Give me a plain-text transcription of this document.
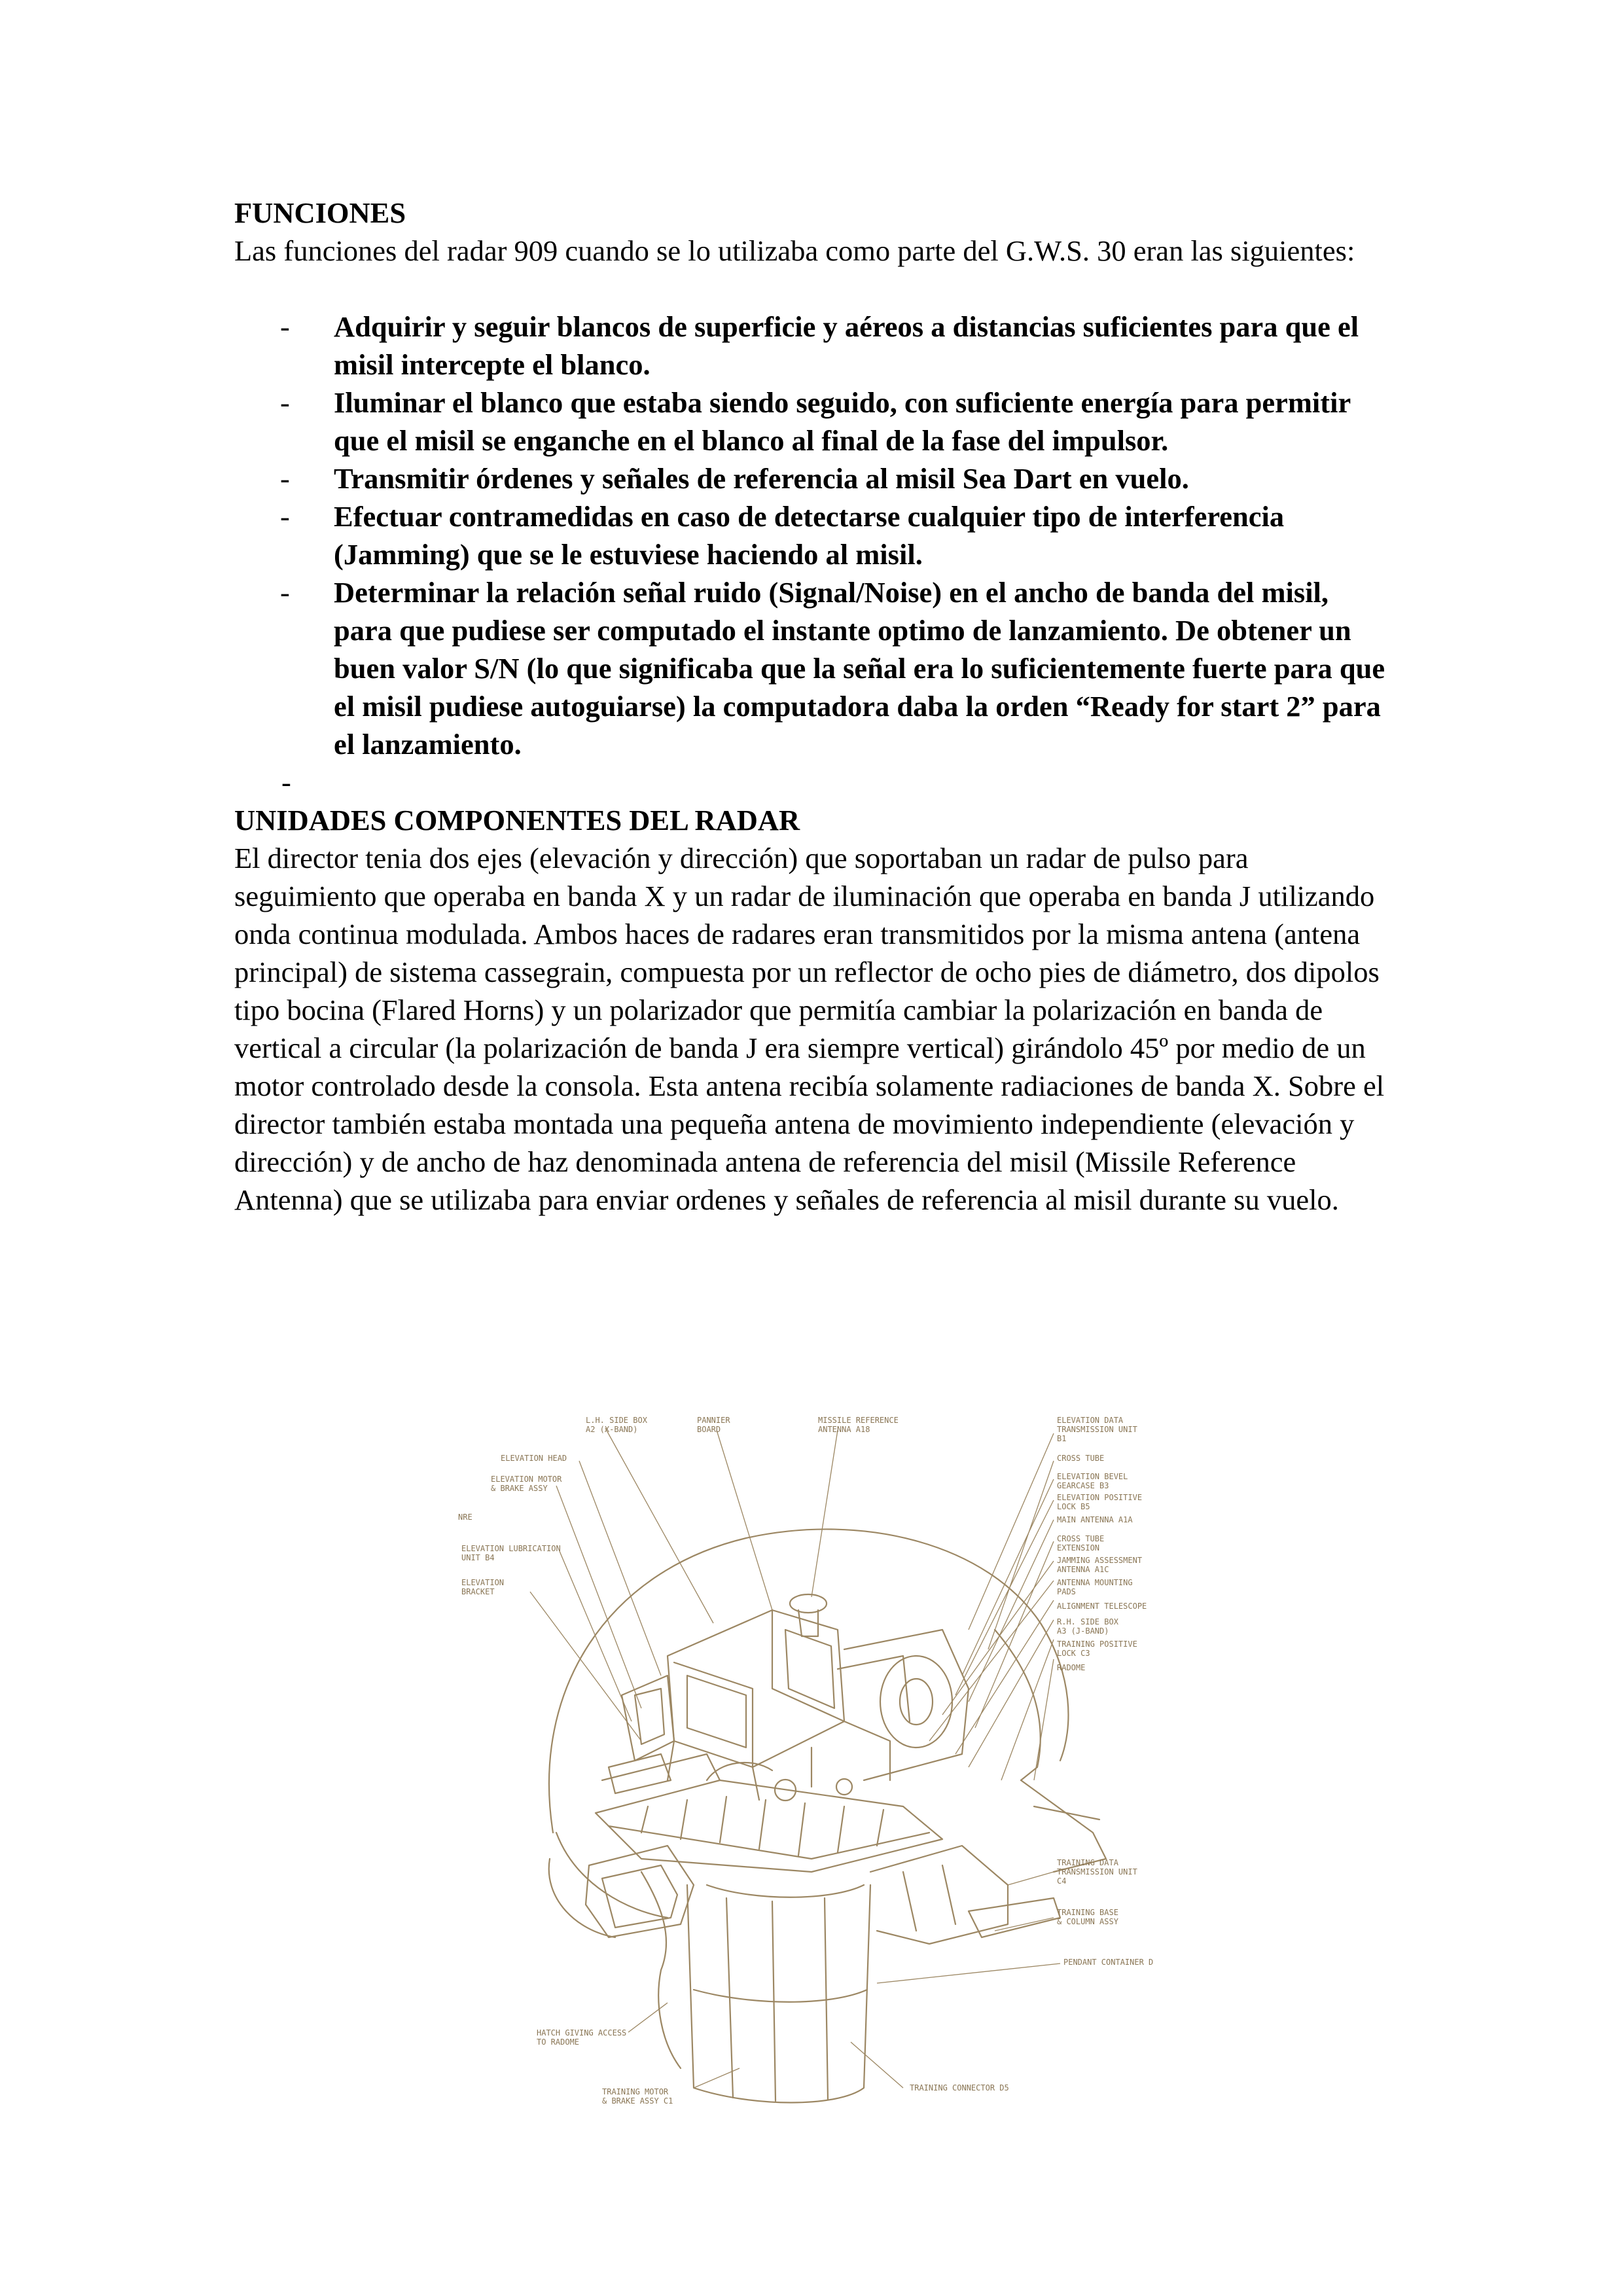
FUNCIONES

Las funciones del radar 909 cuando se lo utilizaba como parte del G.W.S. 30 eran las siguientes:

- Adquirir y seguir blancos de superficie y aéreos a distancias suficientes para que el misil intercepte el blanco.
- Iluminar el blanco que estaba siendo seguido, con suficiente energía para permitir que el misil se enganche en el blanco al final de la fase del impulsor.
- Transmitir órdenes y señales de referencia al misil Sea Dart en vuelo.
- Efectuar contramedidas en caso de detectarse cualquier tipo de interferencia (Jamming) que se le estuviese haciendo al misil.
- Determinar la relación señal ruido (Signal/Noise) en el ancho de banda del misil, para que pudiese ser computado el instante optimo de lanzamiento. De obtener un buen valor S/N (lo que significaba que la señal era lo suficientemente fuerte para que el misil pudiese autoguiarse) la computadora daba la orden “Ready for start 2” para el lanzamiento.
-
UNIDADES COMPONENTES DEL RADAR

El director tenia dos ejes (elevación y dirección) que soportaban un radar de pulso para seguimiento que operaba en banda X y un radar de iluminación que operaba en banda J utilizando onda continua modulada. Ambos haces de radares eran transmitidos por la misma antena (antena principal) de sistema cassegrain, compuesta por un reflector de ocho pies de diámetro, dos dipolos tipo bocina (Flared Horns) y un polarizador que permitía cambiar la polarización en banda de vertical a circular (la polarización de banda J era siempre vertical) girándolo 45º por medio de un motor controlado desde la consola. Esta antena recibía solamente radiaciones de banda X. Sobre el director también estaba montada una pequeña antena de movimiento independiente (elevación y dirección) y de ancho de haz denominada antena de referencia del misil (Missile Reference Antenna) que se utilizaba para enviar ordenes y señales de referencia al misil durante su vuelo.

L.H. SIDE BOX
A2 (X-BAND)
PANNIER
BOARD
MISSILE REFERENCE
ANTENNA A18
ELEVATION DATA
TRANSMISSION UNIT
B1
ELEVATION HEAD
ELEVATION MOTOR
& BRAKE ASSY
NRE
ELEVATION LUBRICATION
UNIT B4
ELEVATION
BRACKET
CROSS TUBE
ELEVATION BEVEL
GEARCASE B3
ELEVATION POSITIVE
LOCK B5
MAIN ANTENNA A1A
CROSS TUBE
EXTENSION
JAMMING ASSESSMENT
ANTENNA A1C
ANTENNA MOUNTING
PADS
ALIGNMENT TELESCOPE
R.H. SIDE BOX
A3 (J-BAND)
TRAINING POSITIVE
LOCK C3
RADOME
TRAINING DATA
TRANSMISSION UNIT
C4
TRAINING BASE
& COLUMN ASSY
PENDANT CONTAINER D
HATCH GIVING ACCESS
TO RADOME
TRAINING MOTOR
& BRAKE ASSY C1
TRAINING CONNECTOR D5
